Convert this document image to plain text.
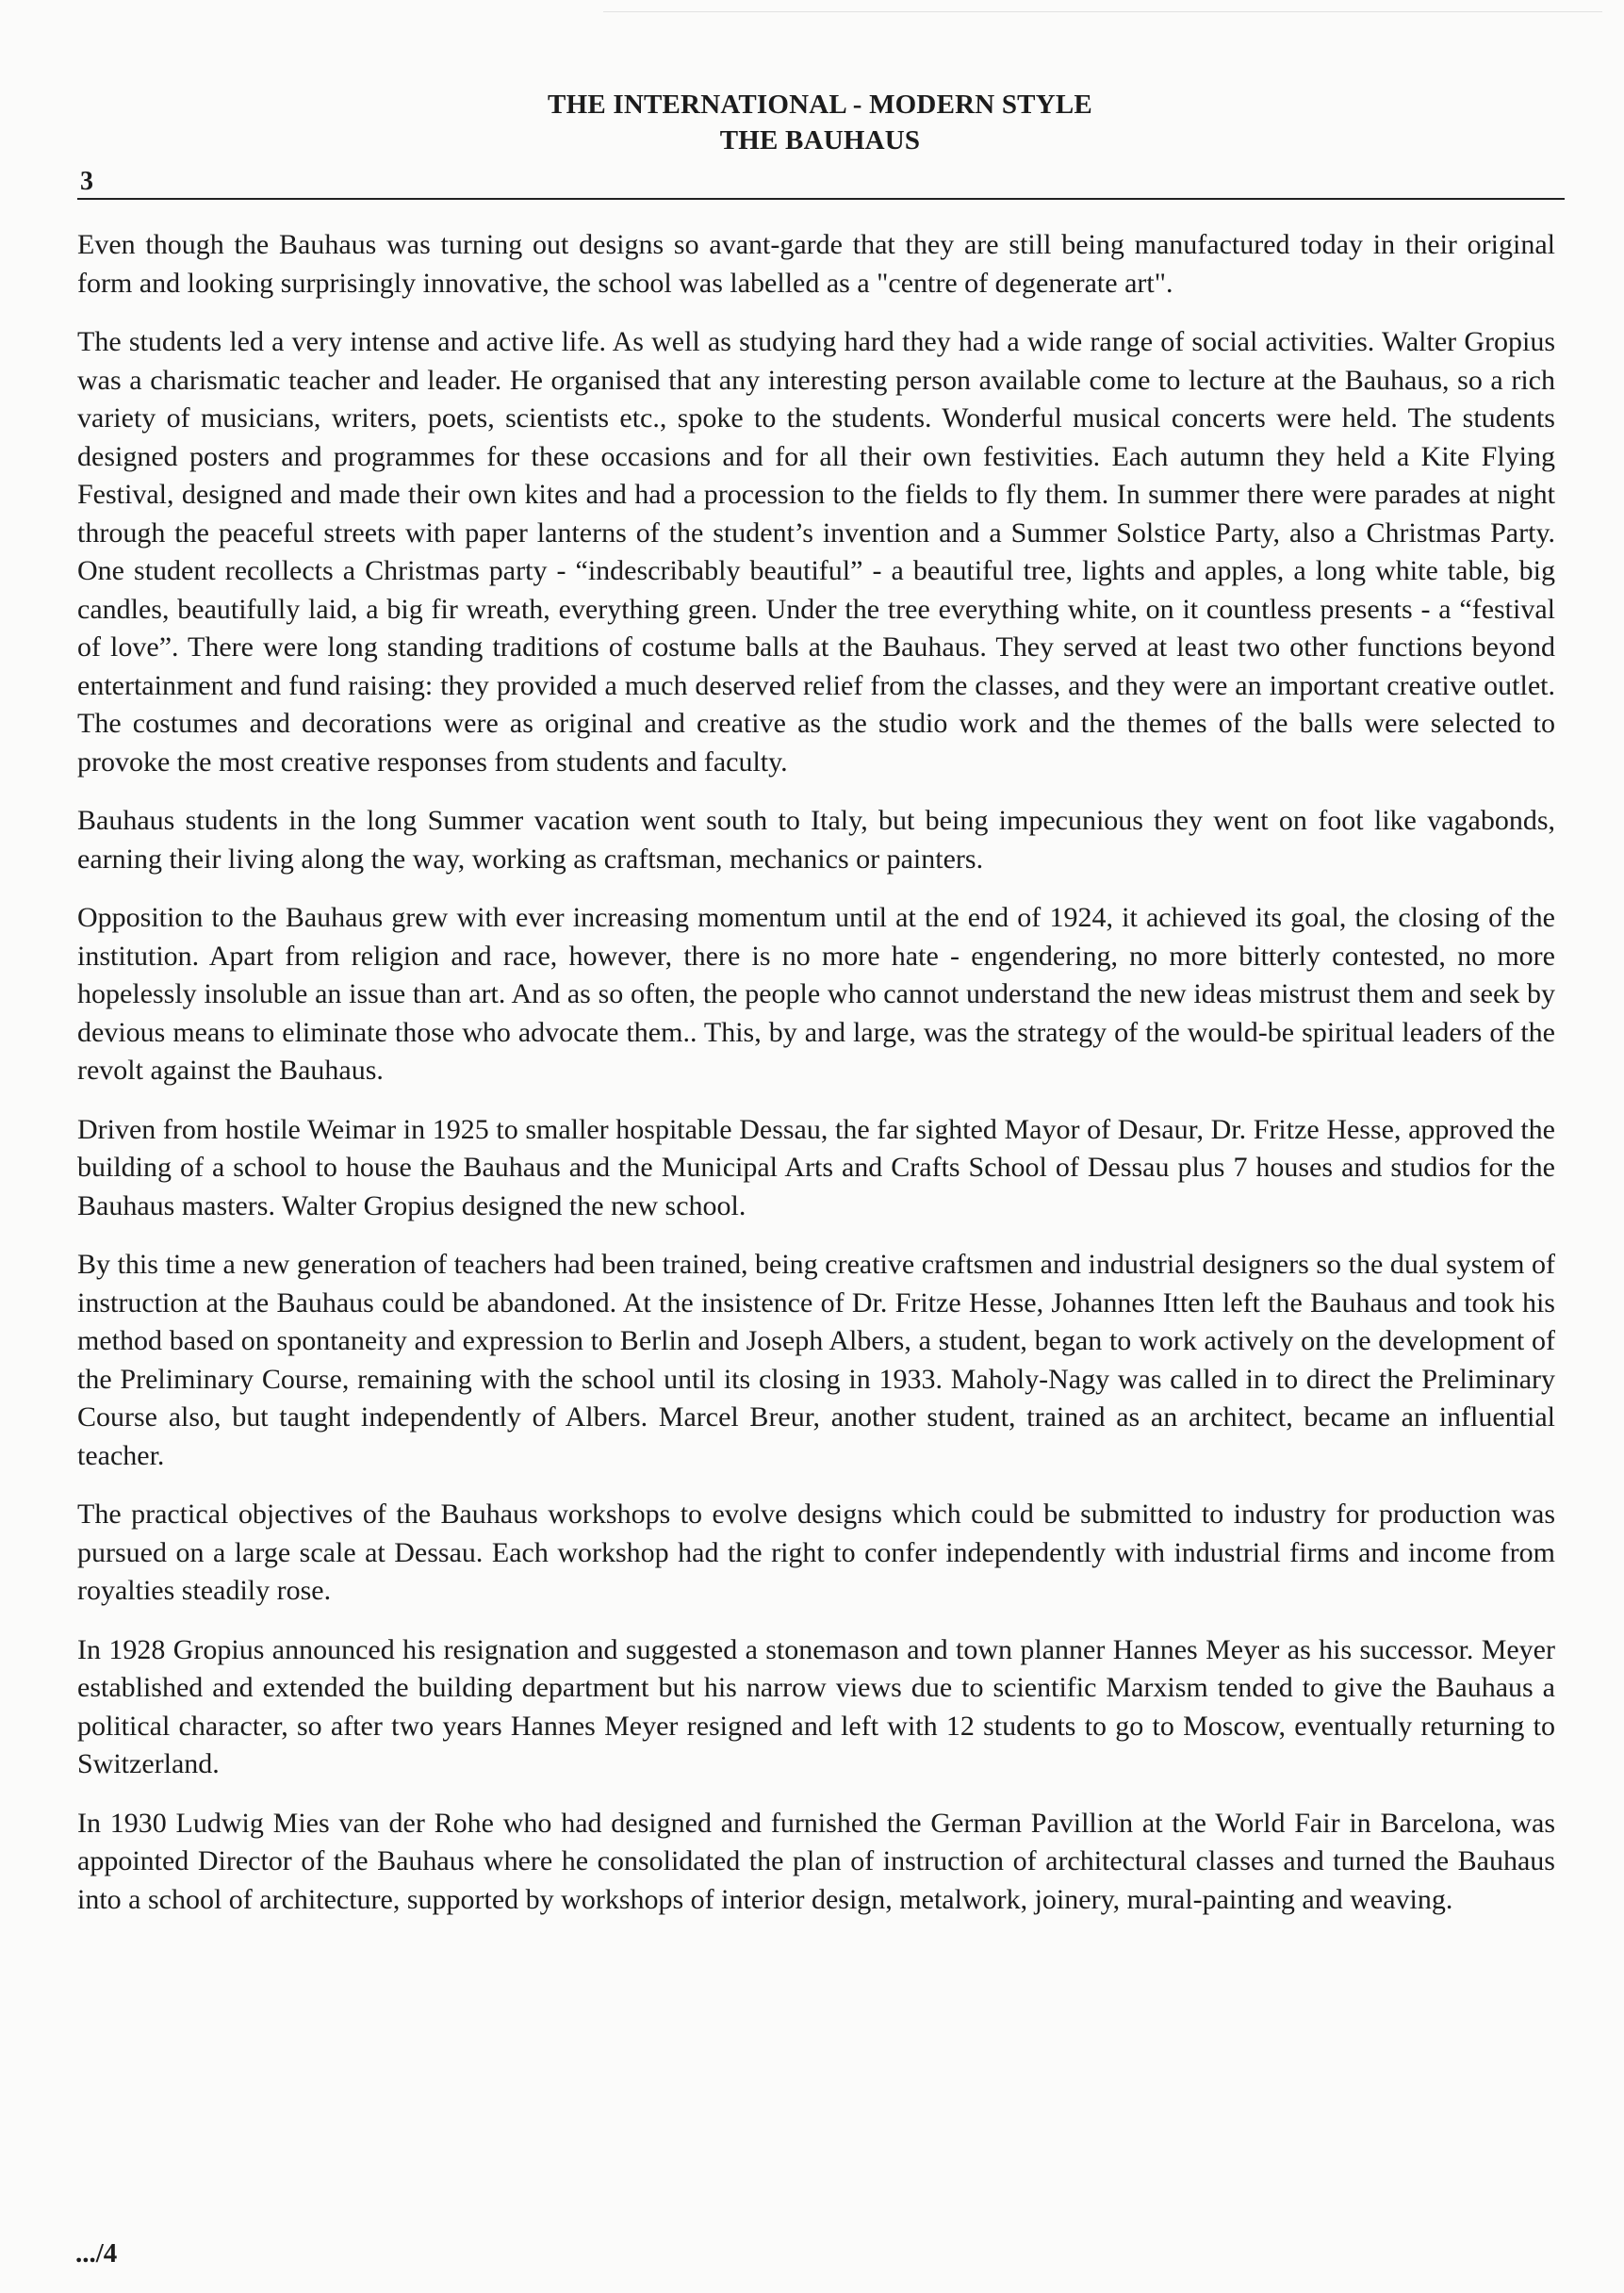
THE INTERNATIONAL - MODERN STYLE
THE BAUHAUS
3

Even though the Bauhaus was turning out designs so avant-garde that they are still being manufactured today in their original form and looking surprisingly innovative, the school was labelled as a "centre of degenerate art".

The students led a very intense and active life. As well as studying hard they had a wide range of social activities. Walter Gropius was a charismatic teacher and leader. He organised that any interesting person available come to lecture at the Bauhaus, so a rich variety of musicians, writers, poets, scientists etc., spoke to the students. Wonderful musical concerts were held. The students designed posters and programmes for these occasions and for all their own festivities. Each autumn they held a Kite Flying Festival, designed and made their own kites and had a procession to the fields to fly them. In summer there were parades at night through the peaceful streets with paper lanterns of the student’s invention and a Summer Solstice Party, also a Christmas Party. One student recollects a Christmas party - “indescribably beautiful” - a beautiful tree, lights and apples, a long white table, big candles, beautifully laid, a big fir wreath, everything green. Under the tree everything white, on it countless presents - a “festival of love”. There were long standing traditions of costume balls at the Bauhaus. They served at least two other functions beyond entertainment and fund raising: they provided a much deserved relief from the classes, and they were an important creative outlet. The costumes and decorations were as original and creative as the studio work and the themes of the balls were selected to provoke the most creative responses from students and faculty.

Bauhaus students in the long Summer vacation went south to Italy, but being impecunious they went on foot like vagabonds, earning their living along the way, working as craftsman, mechanics or painters.

Opposition to the Bauhaus grew with ever increasing momentum until at the end of 1924, it achieved its goal, the closing of the institution. Apart from religion and race, however, there is no more hate - engendering, no more bitterly contested, no more hopelessly insoluble an issue than art. And as so often, the people who cannot understand the new ideas mistrust them and seek by devious means to eliminate those who advocate them.. This, by and large, was the strategy of the would-be spiritual leaders of the revolt against the Bauhaus.

Driven from hostile Weimar in 1925 to smaller hospitable Dessau, the far sighted Mayor of Desaur, Dr. Fritze Hesse, approved the building of a school to house the Bauhaus and the Municipal Arts and Crafts School of Dessau plus 7 houses and studios for the Bauhaus masters. Walter Gropius designed the new school.

By this time a new generation of teachers had been trained, being creative craftsmen and industrial designers so the dual system of instruction at the Bauhaus could be abandoned. At the insistence of Dr. Fritze Hesse, Johannes Itten left the Bauhaus and took his method based on spontaneity and expression to Berlin and Joseph Albers, a student, began to work actively on the development of the Preliminary Course, remaining with the school until its closing in 1933. Maholy-Nagy was called in to direct the Preliminary Course also, but taught independently of Albers. Marcel Breur, another student, trained as an architect, became an influential teacher.

The practical objectives of the Bauhaus workshops to evolve designs which could be submitted to industry for production was pursued on a large scale at Dessau. Each workshop had the right to confer independently with industrial firms and income from royalties steadily rose.

In 1928 Gropius announced his resignation and suggested a stonemason and town planner Hannes Meyer as his successor. Meyer established and extended the building department but his narrow views due to scientific Marxism tended to give the Bauhaus a political character, so after two years Hannes Meyer resigned and left with 12 students to go to Moscow, eventually returning to Switzerland.

In 1930 Ludwig Mies van der Rohe who had designed and furnished the German Pavillion at the World Fair in Barcelona, was appointed Director of the Bauhaus where he consolidated the plan of instruction of architectural classes and turned the Bauhaus into a school of architecture, supported by workshops of interior design, metalwork, joinery, mural-painting and weaving.

.../4
